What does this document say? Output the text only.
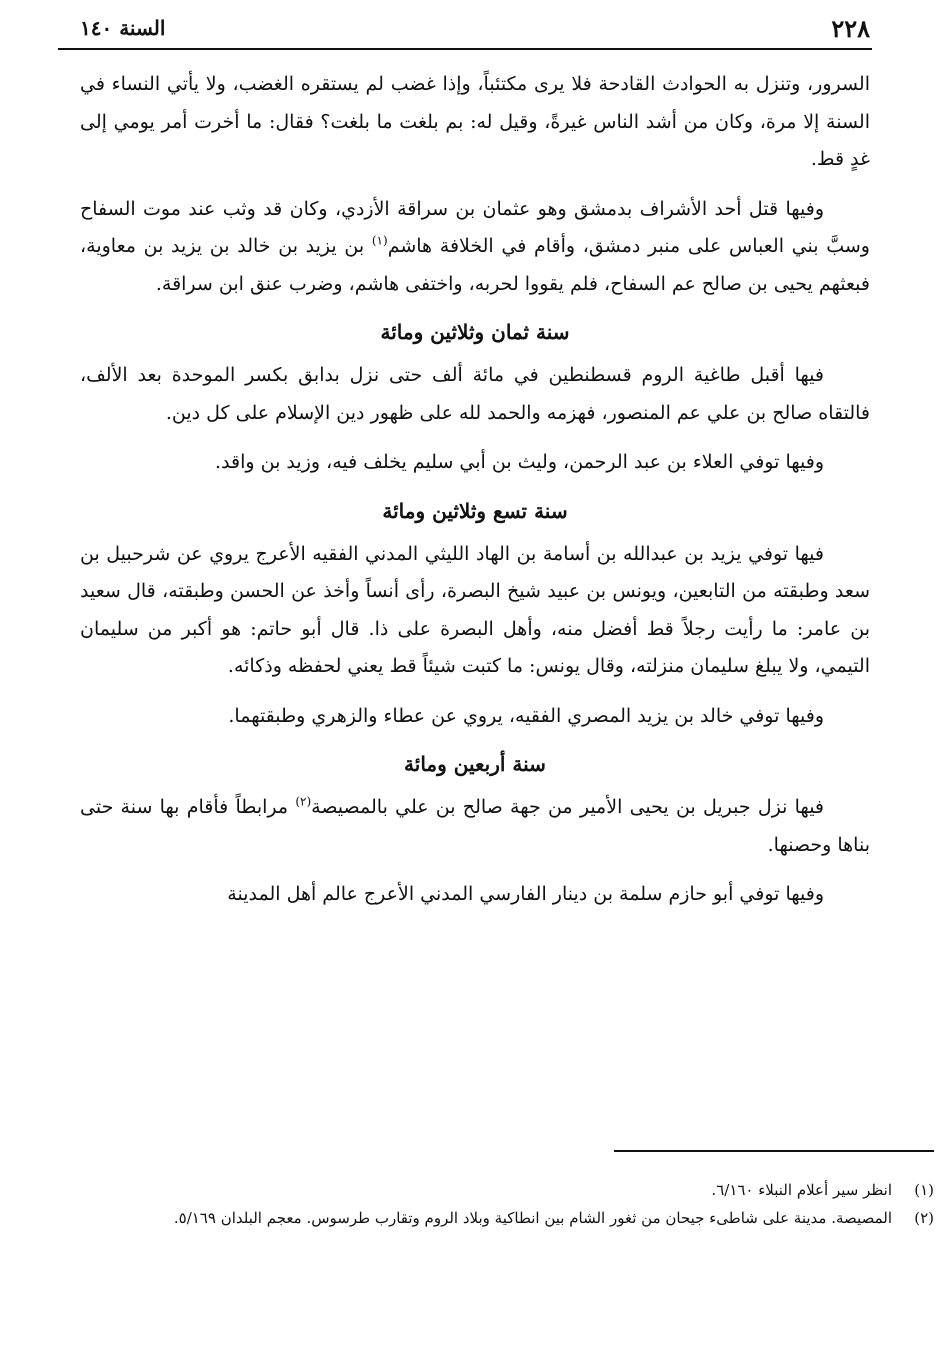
٢٢٨
السنة ١٤٠

السرور، وتنزل به الحوادث القادحة فلا يرى مكتئباً، وإذا غضب لم يستقره الغضب، ولا يأتي النساء في السنة إلا مرة، وكان من أشد الناس غيرةً، وقيل له: بم بلغت ما بلغت؟ فقال: ما أخرت أمر يومي إلى غدٍ قط.

وفيها قتل أحد الأشراف بدمشق وهو عثمان بن سراقة الأزدي، وكان قد وثب عند موت السفاح وسبَّ بني العباس على منبر دمشق، وأقام في الخلافة هاشم$^{(١)}$ بن يزيد بن خالد بن يزيد بن معاوية، فبعثهم يحيى بن صالح عم السفاح، فلم يقووا لحربه، واختفى هاشم، وضرب عنق ابن سراقة.

سنة ثمان وثلاثين ومائة

فيها أقبل طاغية الروم قسطنطين في مائة ألف حتى نزل بدابق بكسر الموحدة بعد الألف، فالتقاه صالح بن علي عم المنصور، فهزمه والحمد لله على ظهور دين الإسلام على كل دين.

وفيها توفي العلاء بن عبد الرحمن، وليث بن أبي سليم يخلف فيه، وزيد بن واقد.

سنة تسع وثلاثين ومائة

فيها توفي يزيد بن عبدالله بن أسامة بن الهاد الليثي المدني الفقيه الأعرج يروي عن شرحبيل بن سعد وطبقته من التابعين، ويونس بن عبيد شيخ البصرة، رأى أنساً وأخذ عن الحسن وطبقته، قال سعيد بن عامر: ما رأيت رجلاً قط أفضل منه، وأهل البصرة على ذا. قال أبو حاتم: هو أكبر من سليمان التيمي، ولا يبلغ سليمان منزلته، وقال يونس: ما كتبت شيئاً قط يعني لحفظه وذكائه.

وفيها توفي خالد بن يزيد المصري الفقيه، يروي عن عطاء والزهري وطبقتهما.

سنة أربعين ومائة

فيها نزل جبريل بن يحيى الأمير من جهة صالح بن علي بالمصيصة$^{(٢)}$ مرابطاً فأقام بها سنة حتى بناها وحصنها.

وفيها توفي أبو حازم سلمة بن دينار الفارسي المدني الأعرج عالم أهل المدينة

(١)
انظر سير أعلام النبلاء ٦/١٦٠.
(٢)
المصيصة. مدينة على شاطىء جيحان من ثغور الشام بين انطاكية وبلاد الروم وتقارب طرسوس. معجم البلدان ٥/١٦٩.
